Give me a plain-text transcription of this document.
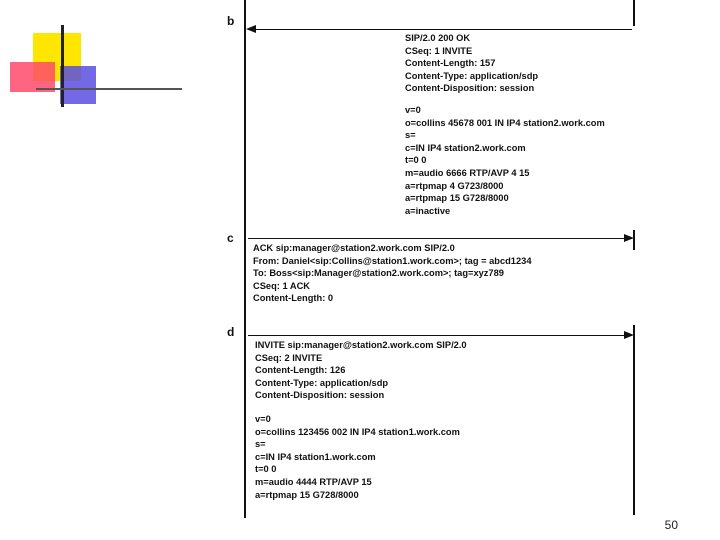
b
c
d
SIP/2.0 200 OK
CSeq: 1 INVITE
Content-Length: 157
Content-Type: application/sdp
Content-Disposition: session
v=0
o=collins 45678 001 IN IP4 station2.work.com
s=
c=IN IP4 station2.work.com
t=0 0
m=audio 6666 RTP/AVP 4 15
a=rtpmap 4 G723/8000
a=rtpmap 15 G728/8000
a=inactive
ACK sip:manager@station2.work.com SIP/2.0
From: Daniel<sip:Collins@station1.work.com>; tag = abcd1234
To: Boss<sip:Manager@station2.work.com>; tag=xyz789
CSeq: 1 ACK
Content-Length: 0
INVITE sip:manager@station2.work.com SIP/2.0
CSeq: 2 INVITE
Content-Length: 126
Content-Type: application/sdp
Content-Disposition: session
v=0
o=collins 123456 002 IN IP4 station1.work.com
s=
c=IN IP4 station1.work.com
t=0 0
m=audio 4444 RTP/AVP 15
a=rtpmap 15 G728/8000
50
